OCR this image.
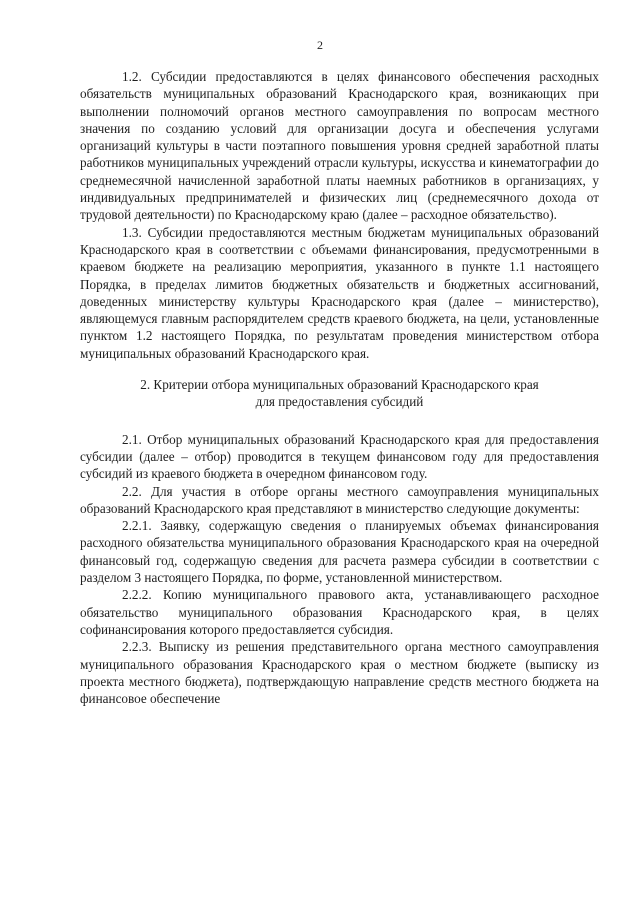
2

1.2. Субсидии предоставляются в целях финансового обеспечения расходных обязательств муниципальных образований Краснодарского края, возникающих при выполнении полномочий органов местного самоуправления по вопросам местного значения по созданию условий для организации досуга и обеспечения услугами организаций культуры в части поэтапного повышения уровня средней заработной платы работников муниципальных учреждений отрасли культуры, искусства и кинематографии до среднемесячной начисленной заработной платы наемных работников в организациях, у индивидуальных предпринимателей и физических лиц (среднемесячного дохода от трудовой деятельности) по Краснодарскому краю (далее – расходное обязательство).

1.3. Субсидии предоставляются местным бюджетам муниципальных образований Краснодарского края в соответствии с объемами финансирования, предусмотренными в краевом бюджете на реализацию мероприятия, указанного в пункте 1.1 настоящего Порядка, в пределах лимитов бюджетных обязательств и бюджетных ассигнований, доведенных министерству культуры Краснодарского края (далее – министерство), являющемуся главным распорядителем средств краевого бюджета, на цели, установленные пунктом 1.2 настоящего Порядка, по результатам проведения министерством отбора муниципальных образований Краснодарского края.

2. Критерии отбора муниципальных образований Краснодарского края
для предоставления субсидий

2.1. Отбор муниципальных образований Краснодарского края для предоставления субсидии (далее – отбор) проводится в текущем финансовом году для предоставления субсидий из краевого бюджета в очередном финансовом году.

2.2. Для участия в отборе органы местного самоуправления муниципальных образований Краснодарского края представляют в министерство следующие документы:

2.2.1. Заявку, содержащую сведения о планируемых объемах финансирования расходного обязательства муниципального образования Краснодарского края на очередной финансовый год, содержащую сведения для расчета размера субсидии в соответствии с разделом 3 настоящего Порядка, по форме, установленной министерством.

2.2.2. Копию муниципального правового акта, устанавливающего расходное обязательство муниципального образования Краснодарского края, в целях софинансирования которого предоставляется субсидия.

2.2.3. Выписку из решения представительного органа местного самоуправления муниципального образования Краснодарского края о местном бюджете (выписку из проекта местного бюджета), подтверждающую направление средств местного бюджета на финансовое обеспечение
